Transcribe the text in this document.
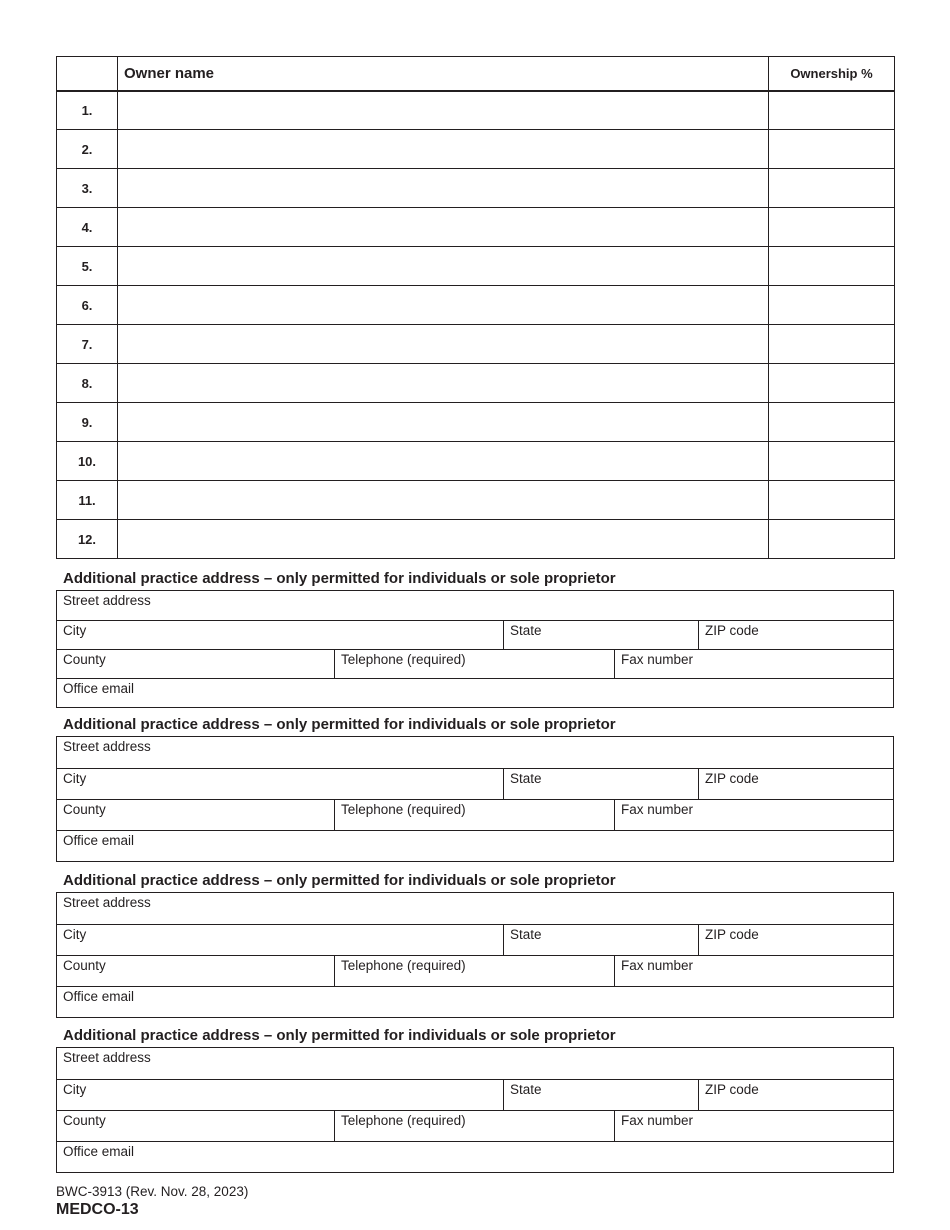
	Owner name	Ownership %
1.		
2.		
3.		
4.		
5.		
6.		
7.		
8.		
9.		
10.		
11.		
12.		
Additional practice address – only permitted for individuals or sole proprietor
Street address
City	State	ZIP code
County	Telephone (required)	Fax number
Office email
Additional practice address – only permitted for individuals or sole proprietor
Street address
City	State	ZIP code
County	Telephone (required)	Fax number
Office email
Additional practice address – only permitted for individuals or sole proprietor
Street address
City	State	ZIP code
County	Telephone (required)	Fax number
Office email
Additional practice address – only permitted for individuals or sole proprietor
Street address
City	State	ZIP code
County	Telephone (required)	Fax number
Office email
BWC-3913 (Rev. Nov. 28, 2023)
MEDCO-13
